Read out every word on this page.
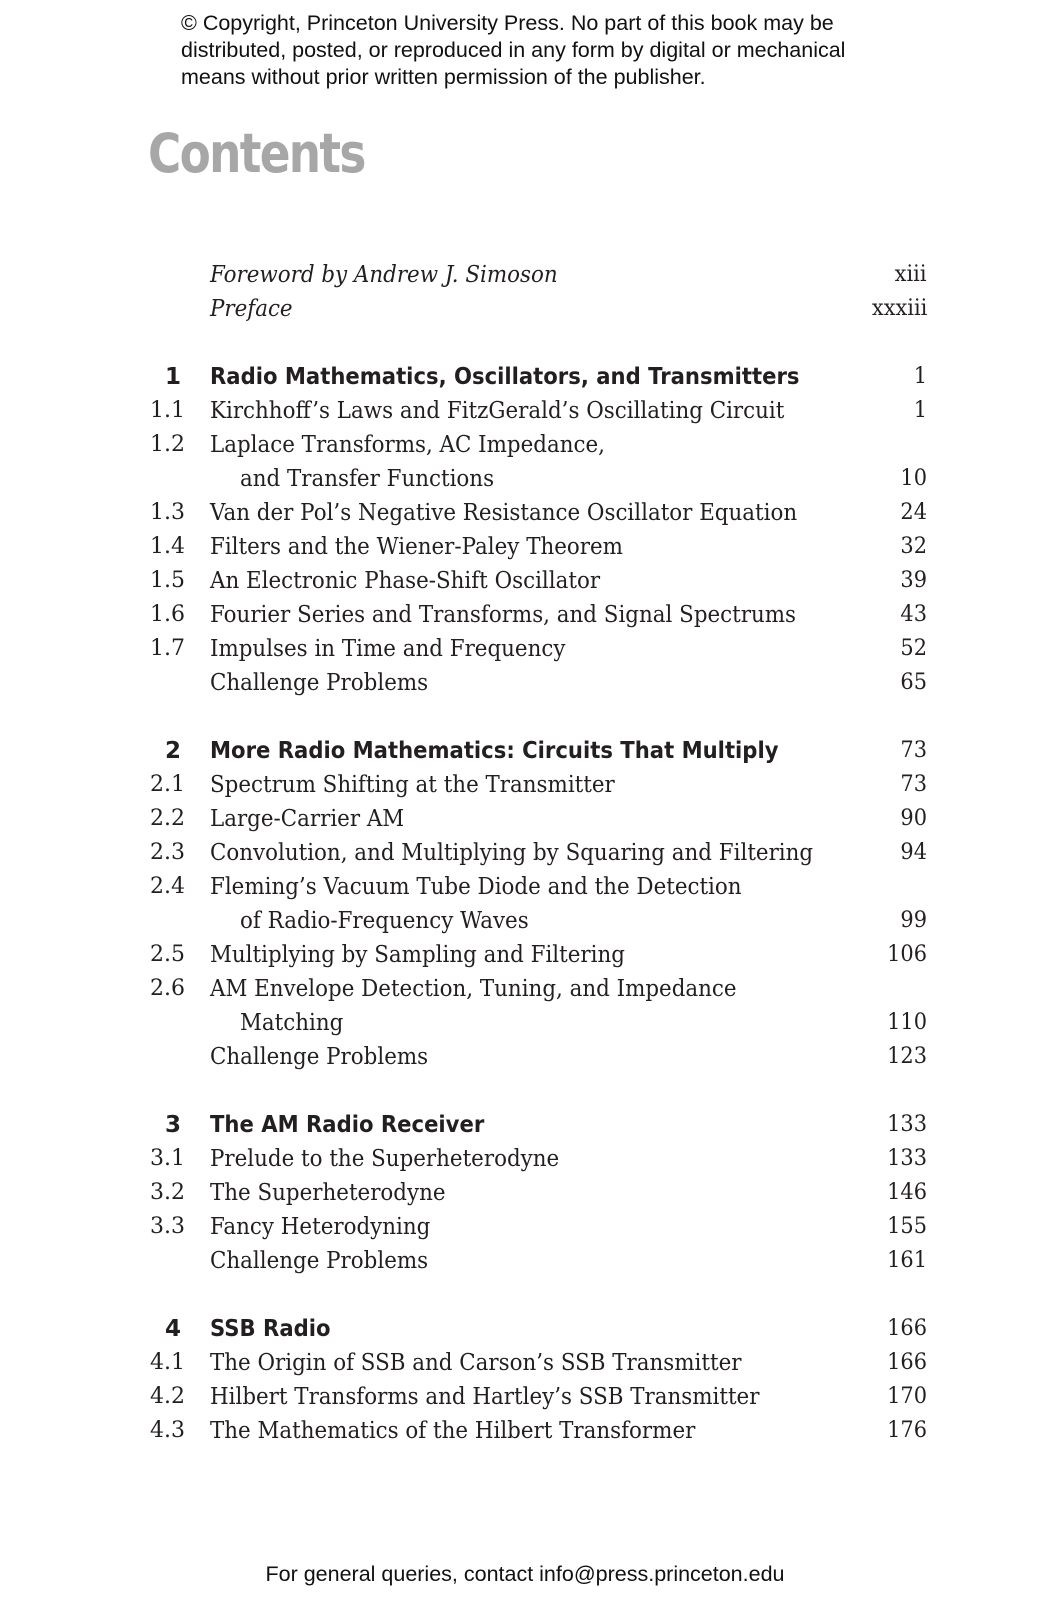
© Copyright, Princeton University Press. No part of this book may be
distributed, posted, or reproduced in any form by digital or mechanical
means without prior written permission of the publisher.
Contents
Foreword by Andrew J. Simoson	xiii
Preface	xxxiii
1 Radio Mathematics, Oscillators, and Transmitters	1
1.1 Kirchhoff’s Laws and FitzGerald’s Oscillating Circuit	1
1.2 Laplace Transforms, AC Impedance,
and Transfer Functions	10
1.3 Van der Pol’s Negative Resistance Oscillator Equation	24
1.4 Filters and the Wiener-Paley Theorem	32
1.5 An Electronic Phase-Shift Oscillator	39
1.6 Fourier Series and Transforms, and Signal Spectrums	43
1.7 Impulses in Time and Frequency	52
Challenge Problems	65
2 More Radio Mathematics: Circuits That Multiply	73
2.1 Spectrum Shifting at the Transmitter	73
2.2 Large-Carrier AM	90
2.3 Convolution, and Multiplying by Squaring and Filtering	94
2.4 Fleming’s Vacuum Tube Diode and the Detection
of Radio-Frequency Waves	99
2.5 Multiplying by Sampling and Filtering	106
2.6 AM Envelope Detection, Tuning, and Impedance
Matching	110
Challenge Problems	123
3 The AM Radio Receiver	133
3.1 Prelude to the Superheterodyne	133
3.2 The Superheterodyne	146
3.3 Fancy Heterodyning	155
Challenge Problems	161
4 SSB Radio	166
4.1 The Origin of SSB and Carson’s SSB Transmitter	166
4.2 Hilbert Transforms and Hartley’s SSB Transmitter	170
4.3 The Mathematics of the Hilbert Transformer	176
For general queries, contact info@press.princeton.edu
